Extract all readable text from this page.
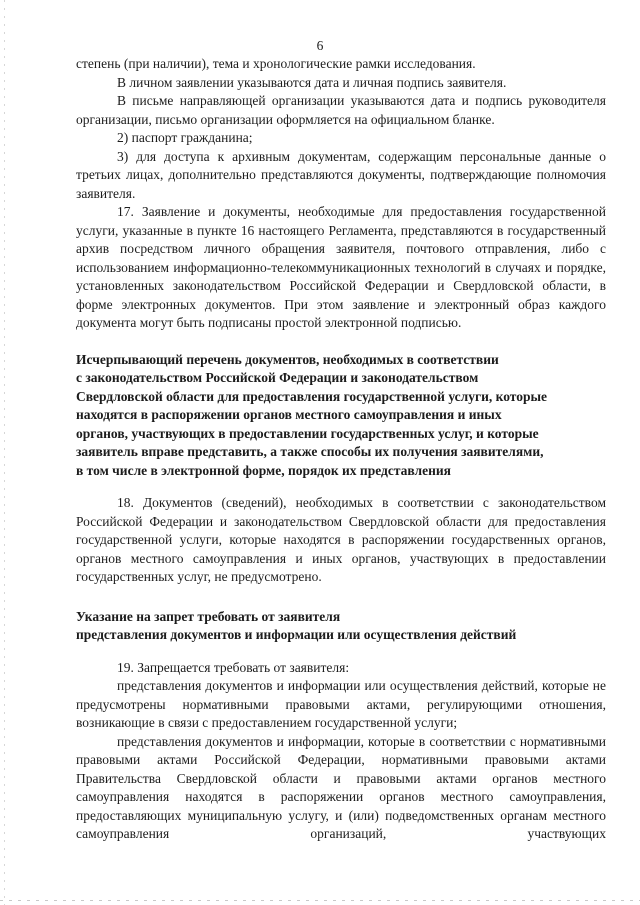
6

степень (при наличии), тема и хронологические рамки исследования.

В личном заявлении указываются дата и личная подпись заявителя.

В письме направляющей организации указываются дата и подпись руководителя организации, письмо организации оформляется на официальном бланке.

2) паспорт гражданина;

3) для доступа к архивным документам, содержащим персональные данные о третьих лицах, дополнительно представляются документы, подтверждающие полномочия заявителя.

17. Заявление и документы, необходимые для предоставления государственной услуги, указанные в пункте 16 настоящего Регламента, представляются в государственный архив посредством личного обращения заявителя, почтового отправления, либо с использованием информационно-телекоммуникационных технологий в случаях и порядке, установленных законодательством Российской Федерации и Свердловской области, в форме электронных документов. При этом заявление и электронный образ каждого документа могут быть подписаны простой электронной подписью.

Исчерпывающий перечень документов, необходимых в соответствии

с законодательством Российской Федерации и законодательством

Свердловской области для предоставления государственной услуги, которые

находятся в распоряжении органов местного самоуправления и иных

органов, участвующих в предоставлении государственных услуг, и которые

заявитель вправе представить, а также способы их получения заявителями,

в том числе в электронной форме, порядок их представления

18. Документов (сведений), необходимых в соответствии с законодательством Российской Федерации и законодательством Свердловской области для предоставления государственной услуги, которые находятся в распоряжении государственных органов, органов местного самоуправления и иных органов, участвующих в предоставлении государственных услуг, не предусмотрено.

Указание на запрет требовать от заявителя

представления документов и информации или осуществления действий

19. Запрещается требовать от заявителя:

представления документов и информации или осуществления действий, которые не предусмотрены нормативными правовыми актами, регулирующими отношения, возникающие в связи с предоставлением государственной услуги;

представления документов и информации, которые в соответствии с нормативными правовыми актами Российской Федерации, нормативными правовыми актами Правительства Свердловской области и правовыми актами органов местного самоуправления находятся в распоряжении органов местного самоуправления, предоставляющих муниципальную услугу, и (или) подведомственных органам местного самоуправления организаций, участвующих
